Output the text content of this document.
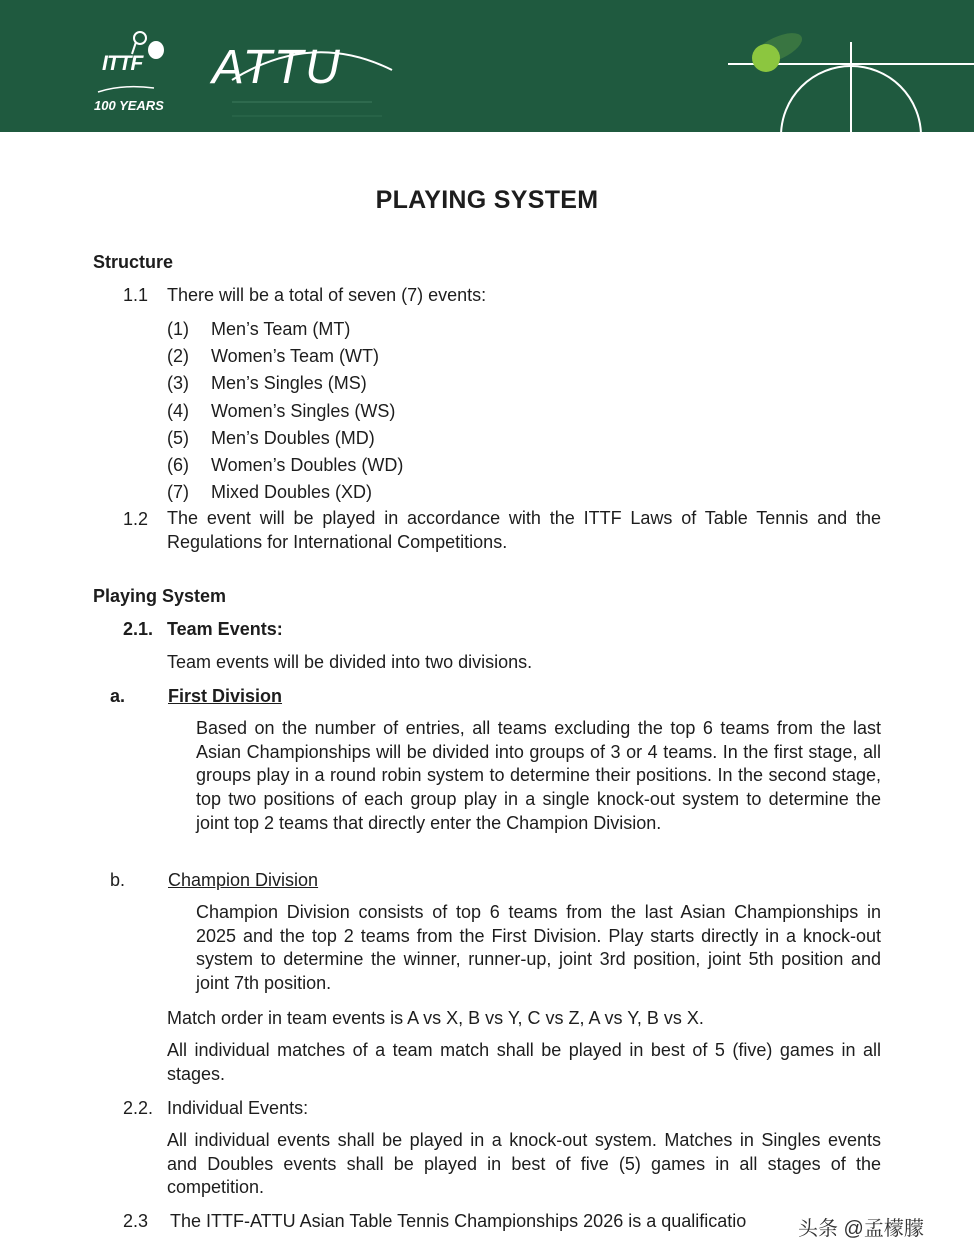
ITTF
100 YEARS
ATTU
PLAYING SYSTEM
Structure
1.1 There will be a total of seven (7) events:
(1) Men’s Team (MT)
(2) Women’s Team (WT)
(3) Men’s Singles (MS)
(4) Women’s Singles (WS)
(5) Men’s Doubles (MD)
(6) Women’s Doubles (WD)
(7) Mixed Doubles (XD)
1.2 The event will be played in accordance with the ITTF Laws of Table Tennis and the Regulations for International Competitions.
Playing System
2.1. Team Events:
Team events will be divided into two divisions.
a. First Division
Based on the number of entries, all teams excluding the top 6 teams from the last Asian Championships will be divided into groups of 3 or 4 teams. In the first stage, all groups play in a round robin system to determine their positions. In the second stage, top two positions of each group play in a single knock-out system to determine the joint top 2 teams that directly enter the Champion Division.
b. Champion Division
Champion Division consists of top 6 teams from the last Asian Championships in 2025 and the top 2 teams from the First Division. Play starts directly in a knock-out system to determine the winner, runner-up, joint 3rd position, joint 5th position and joint 7th position.
Match order in team events is A vs X, B vs Y, C vs Z, A vs Y, B vs X.
All individual matches of a team match shall be played in best of 5 (five) games in all stages.
2.2. Individual Events:
All individual events shall be played in a knock-out system. Matches in Singles events and Doubles events shall be played in best of five (5) games in all stages of the competition.
2.3 The ITTF-ATTU Asian Table Tennis Championships 2026 is a qualificatio	头条 @孟檬朦
